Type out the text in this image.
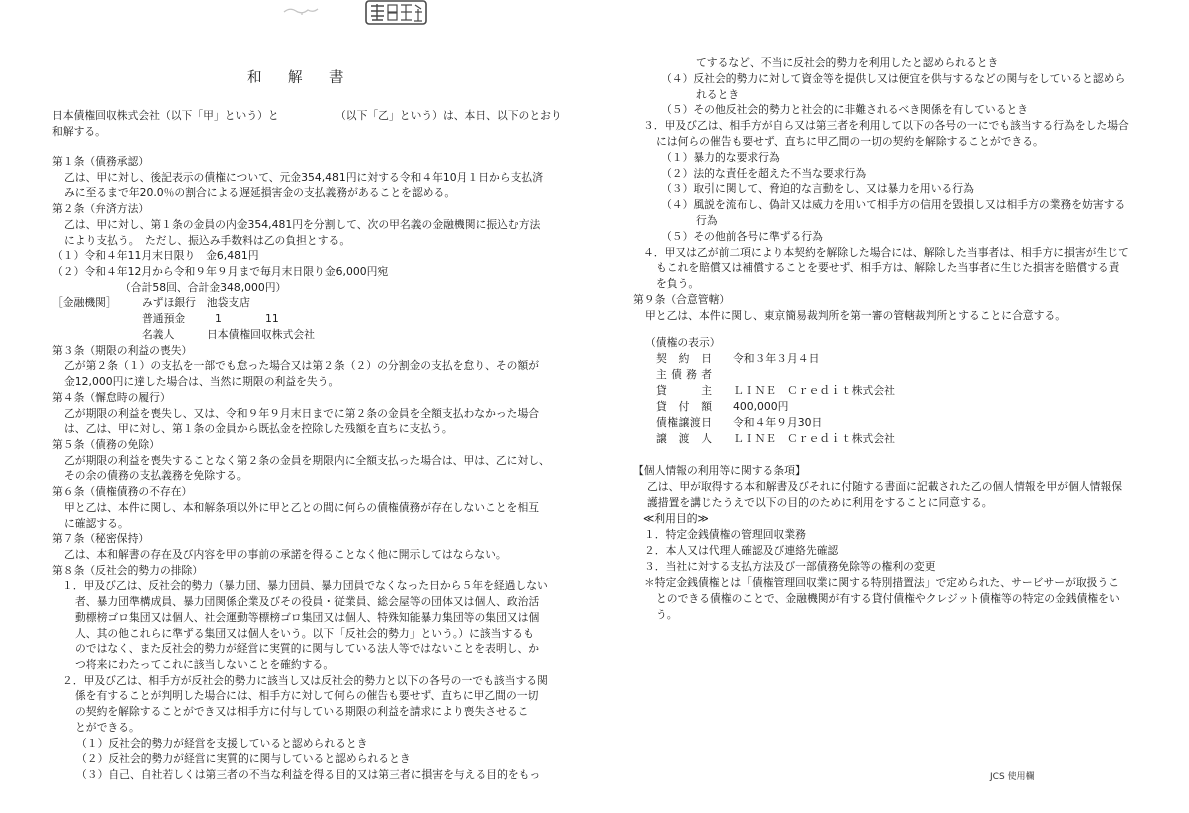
和　解　書
日本債権回収株式会社（以下「甲」という）と	（以下「乙」という）は、本日、以下のとおり
和解する。
第１条（債務承認）
乙は、甲に対し、後記表示の債権について、元金354,481円に対する令和４年10月１日から支払済
みに至るまで年20.0％の割合による遅延損害金の支払義務があることを認める。
第２条（弁済方法）
乙は、甲に対し、第１条の金員の内金354,481円を分割して、次の甲名義の金融機関に振込む方法
により支払う。　ただし、振込み手数料は乙の負担とする。
（１）令和４年11月末日限り　金6,481円
（２）令和４年12月から令和９年９月まで毎月末日限り金6,000円宛
（合計58回、合計金348,000円）
［金融機関］ みずほ銀行　池袋支店
普通預金	1	11
名義人	日本債権回収株式会社
第３条（期限の利益の喪失）
乙が第２条（１）の支払を一部でも怠った場合又は第２条（２）の分割金の支払を怠り、その額が
金12,000円に達した場合は、当然に期限の利益を失う。
第４条（懈怠時の履行）
乙が期限の利益を喪失し、又は、令和９年９月末日までに第２条の金員を全額支払わなかった場合
は、乙は、甲に対し、第１条の金員から既払金を控除した残額を直ちに支払う。
第５条（債務の免除）
乙が期限の利益を喪失することなく第２条の金員を期限内に全額支払った場合は、甲は、乙に対し、
その余の債務の支払義務を免除する。
第６条（債権債務の不存在）
甲と乙は、本件に関し、本和解条項以外に甲と乙との間に何らの債権債務が存在しないことを相互
に確認する。
第７条（秘密保持）
乙は、本和解書の存在及び内容を甲の事前の承諾を得ることなく他に開示してはならない。
第８条（反社会的勢力の排除）
１．甲及び乙は、反社会的勢力（暴力団、暴力団員、暴力団員でなくなった日から５年を経過しない
者、暴力団準構成員、暴力団関係企業及びその役員・従業員、総会屋等の団体又は個人、政治活
動標榜ゴロ集団又は個人、社会運動等標榜ゴロ集団又は個人、特殊知能暴力集団等の集団又は個
人、其の他これらに準ずる集団又は個人をいう。以下「反社会的勢力」という。）に該当するも
のではなく、また反社会的勢力が経営に実質的に関与している法人等ではないことを表明し、か
つ将来にわたってこれに該当しないことを確約する。
２．甲及び乙は、相手方が反社会的勢力に該当し又は反社会的勢力と以下の各号の一でも該当する関
係を有することが判明した場合には、相手方に対して何らの催告も要せず、直ちに甲乙間の一切
の契約を解除することができ又は相手方に付与している期限の利益を請求により喪失させるこ
とができる。
（１）反社会的勢力が経営を支援していると認められるとき
（２）反社会的勢力が経営に実質的に関与していると認められるとき
（３）自己、自社若しくは第三者の不当な利益を得る目的又は第三者に損害を与える目的をもっ
てするなど、不当に反社会的勢力を利用したと認められるとき
（４）反社会的勢力に対して資金等を提供し又は便宜を供与するなどの関与をしていると認めら
れるとき
（５）その他反社会的勢力と社会的に非難されるべき関係を有しているとき
３．甲及び乙は、相手方が自ら又は第三者を利用して以下の各号の一にでも該当する行為をした場合
には何らの催告も要せず、直ちに甲乙間の一切の契約を解除することができる。
（１）暴力的な要求行為
（２）法的な責任を超えた不当な要求行為
（３）取引に関して、脅迫的な言動をし、又は暴力を用いる行為
（４）風説を流布し、偽計又は威力を用いて相手方の信用を毀損し又は相手方の業務を妨害する
行為
（５）その他前各号に準ずる行為
４．甲又は乙が前二項により本契約を解除した場合には、解除した当事者は、相手方に損害が生じて
もこれを賠償又は補償することを要せず、相手方は、解除した当事者に生じた損害を賠償する責
を負う。
第９条（合意管轄）
甲と乙は、本件に関し、東京簡易裁判所を第一審の管轄裁判所とすることに合意する。
（債権の表示）
契約日 令和３年３月４日
主債務者
貸主 ＬＩＮＥ　Ｃｒｅｄｉｔ株式会社
貸付額 400,000円
債権譲渡日 令和４年９月30日
譲渡人 ＬＩＮＥ　Ｃｒｅｄｉｔ株式会社
【個人情報の利用等に関する条項】
乙は、甲が取得する本和解書及びそれに付随する書面に記載された乙の個人情報を甲が個人情報保
護措置を講じたうえで以下の目的のために利用をすることに同意する。
≪利用目的≫
１．特定金銭債権の管理回収業務
２．本人又は代理人確認及び連絡先確認
３．当社に対する支払方法及び一部債務免除等の権利の変更
＊特定金銭債権とは「債権管理回収業に関する特別措置法」で定められた、サービサーが取扱うこ
とのできる債権のことで、金融機関が有する貸付債権やクレジット債権等の特定の金銭債権をい
う。
JCS 使用欄
